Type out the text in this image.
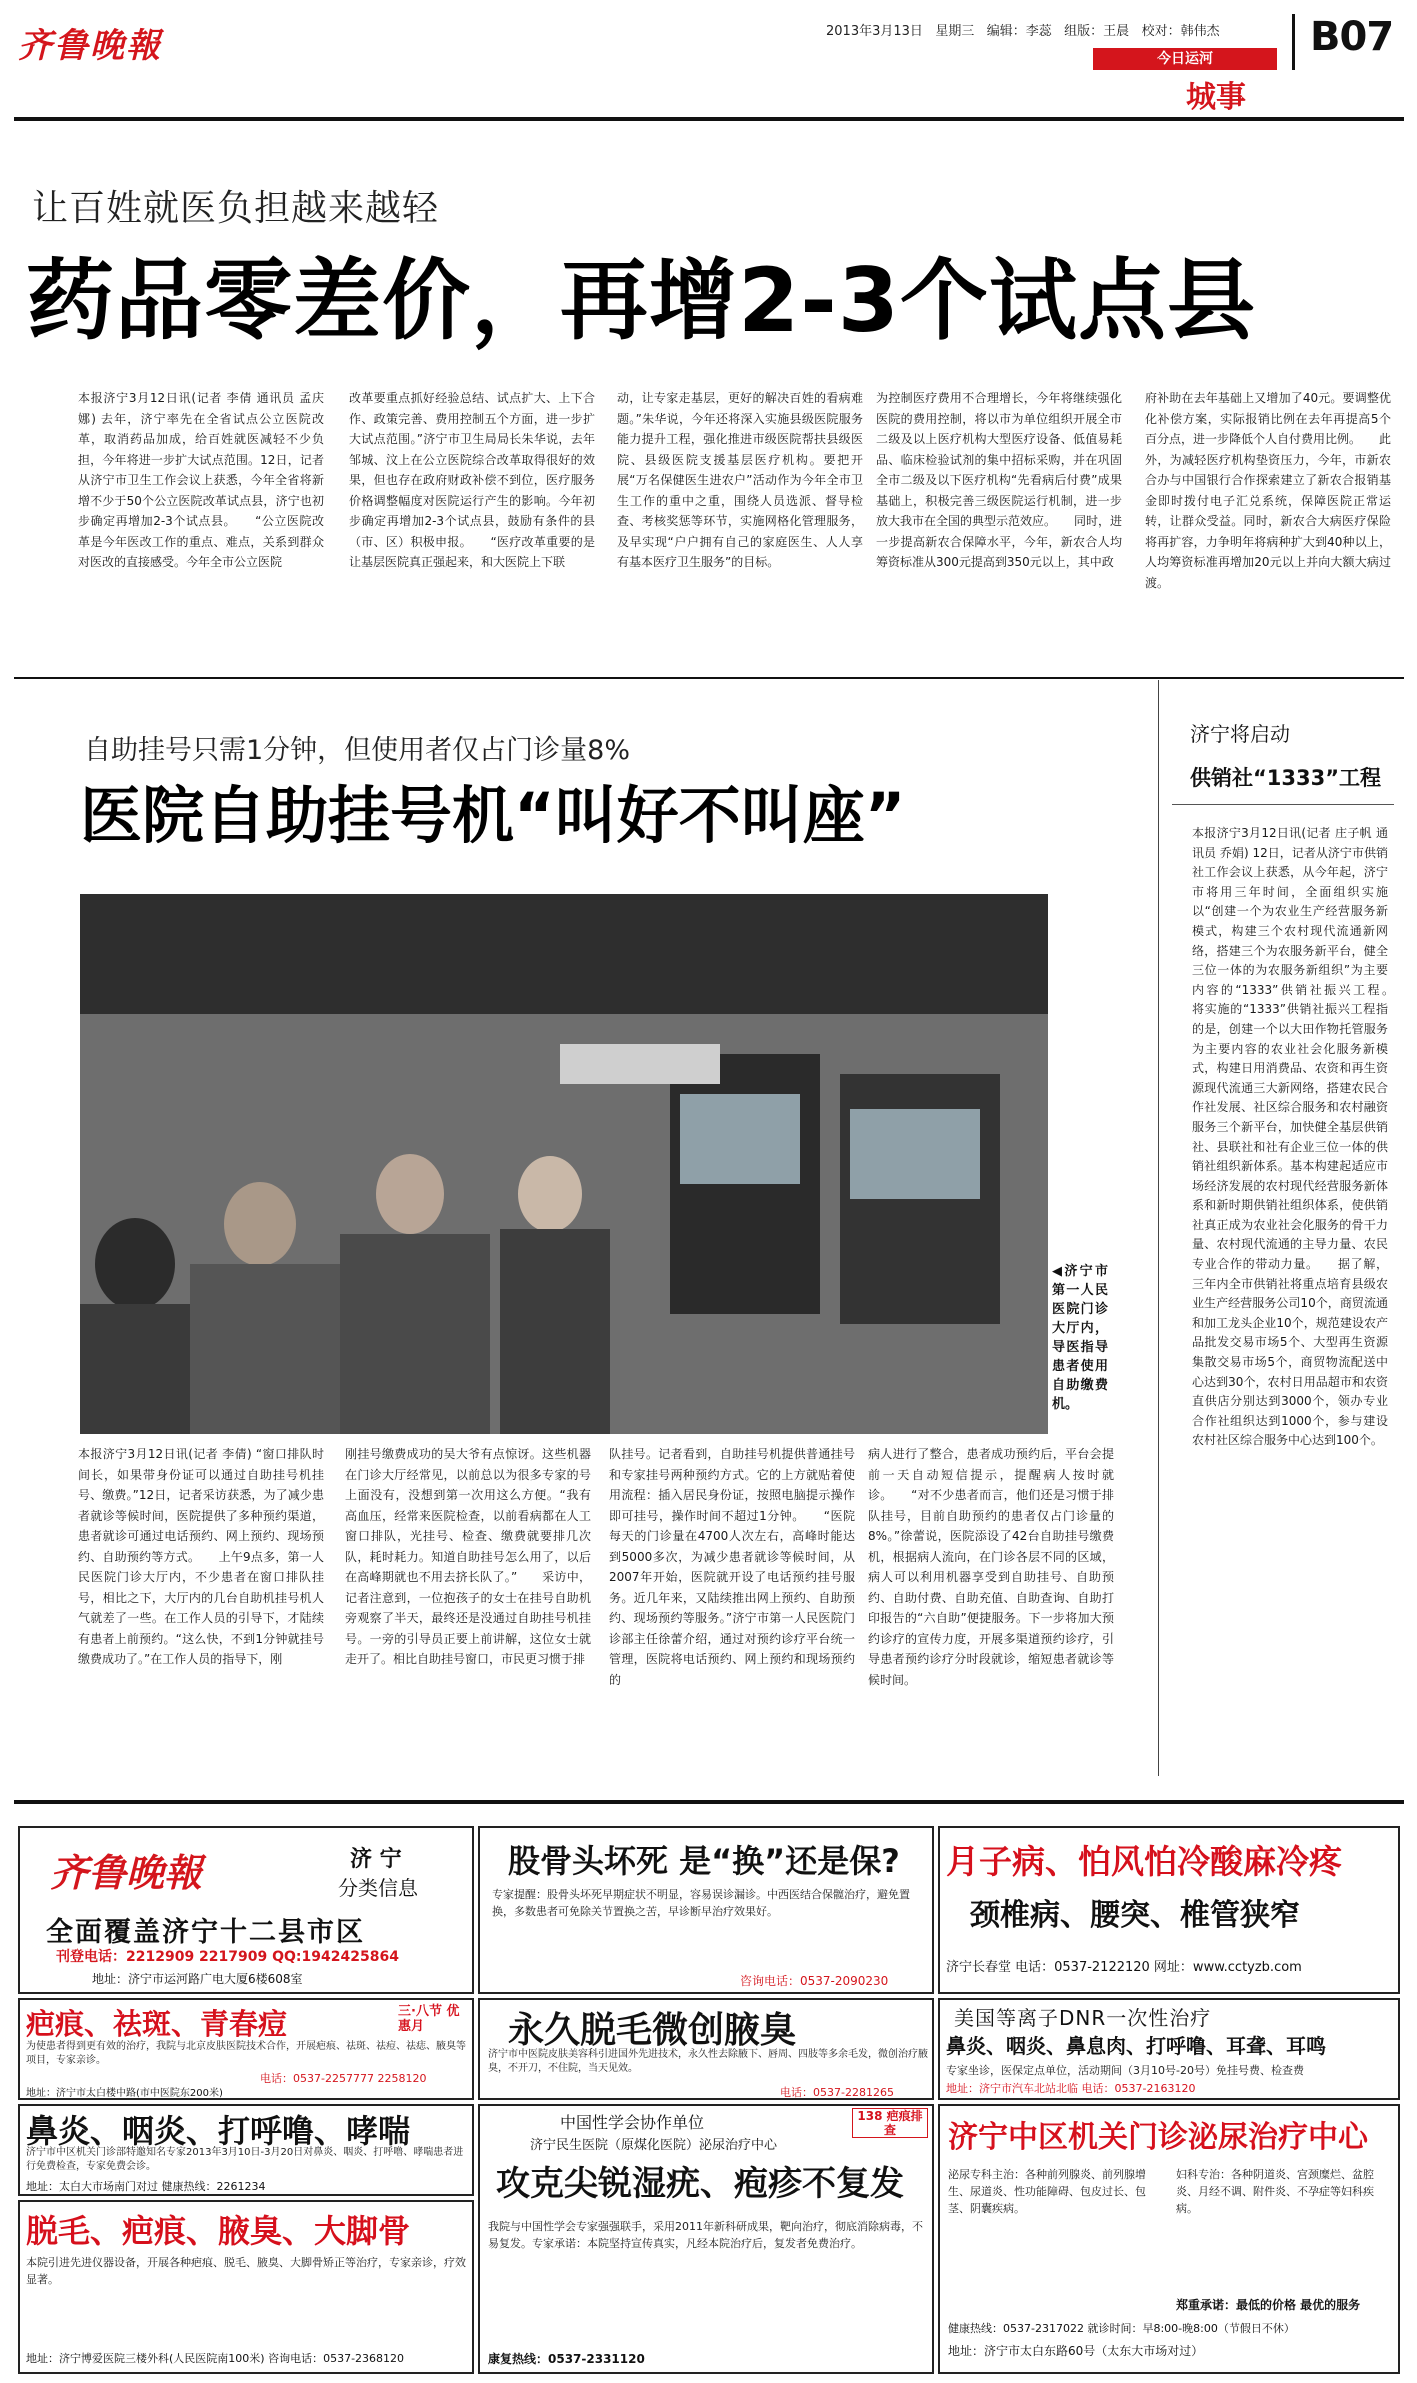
齐鲁晚報	2013年3月13日 星期三 编辑：李蕊 组版：王晨 校对：韩伟杰
今日运河
城事
B07
让百姓就医负担越来越轻
药品零差价，再增2-3个试点县
本报济宁3月12日讯(记者 李倩 通讯员 孟庆娜) 去年，济宁率先在全省试点公立医院改革，取消药品加成，给百姓就医减轻不少负担，今年将进一步扩大试点范围。12日，记者从济宁市卫生工作会议上获悉，今年全省将新增不少于50个公立医院改革试点县，济宁也初步确定再增加2-3个试点县。　　“公立医院改革是今年医改工作的重点、难点，关系到群众对医改的直接感受。今年全市公立医院
改革要重点抓好经验总结、试点扩大、上下合作、政策完善、费用控制五个方面，进一步扩大试点范围。”济宁市卫生局局长朱华说，去年邹城、汶上在公立医院综合改革取得很好的效果，但也存在政府财政补偿不到位，医疗服务价格调整幅度对医院运行产生的影响。今年初步确定再增加2-3个试点县，鼓励有条件的县（市、区）积极申报。　　“医疗改革重要的是让基层医院真正强起来，和大医院上下联
动，让专家走基层，更好的解决百姓的看病难题。”朱华说，今年还将深入实施县级医院服务能力提升工程，强化推进市级医院帮扶县级医院、县级医院支援基层医疗机构。要把开展“万名保健医生进农户”活动作为今年全市卫生工作的重中之重，围绕人员选派、督导检查、考核奖惩等环节，实施网格化管理服务，及早实现“户户拥有自己的家庭医生、人人享有基本医疗卫生服务”的目标。
为控制医疗费用不合理增长，今年将继续强化医院的费用控制，将以市为单位组织开展全市二级及以上医疗机构大型医疗设备、低值易耗品、临床检验试剂的集中招标采购，并在巩固全市二级及以下医疗机构“先看病后付费”成果基础上，积极完善三级医院运行机制，进一步放大我市在全国的典型示范效应。　　同时，进一步提高新农合保障水平，今年，新农合人均筹资标准从300元提高到350元以上，其中政
府补助在去年基础上又增加了40元。要调整优化补偿方案，实际报销比例在去年再提高5个百分点，进一步降低个人自付费用比例。　　此外，为减轻医疗机构垫资压力，今年，市新农合办与中国银行合作探索建立了新农合报销基金即时拨付电子汇兑系统，保障医院正常运转，让群众受益。同时，新农合大病医疗保险将再扩容，力争明年将病种扩大到40种以上，人均筹资标准再增加20元以上并向大额大病过渡。
自助挂号只需1分钟，但使用者仅占门诊量8%
医院自助挂号机“叫好不叫座”
◀济宁市第一人民医院门诊大厅内，导医指导患者使用自助缴费机。
本报济宁3月12日讯(记者 李倩) “窗口排队时间长，如果带身份证可以通过自助挂号机挂号、缴费。”12日，记者采访获悉，为了减少患者就诊等候时间，医院提供了多种预约渠道，患者就诊可通过电话预约、网上预约、现场预约、自助预约等方式。　　上午9点多，第一人民医院门诊大厅内，不少患者在窗口排队挂号，相比之下，大厅内的几台自助机挂号机人气就差了一些。在工作人员的引导下，才陆续有患者上前预约。“这么快，不到1分钟就挂号缴费成功了。”在工作人员的指导下，刚
刚挂号缴费成功的吴大爷有点惊讶。这些机器在门诊大厅经常见，以前总以为很多专家的号上面没有，没想到第一次用这么方便。“我有高血压，经常来医院检查，以前看病都在人工窗口排队，光挂号、检查、缴费就要排几次队，耗时耗力。知道自助挂号怎么用了，以后在高峰期就也不用去挤长队了。”　　采访中，记者注意到，一位抱孩子的女士在挂号自助机旁观察了半天，最终还是没通过自助挂号机挂号。一旁的引导员正要上前讲解，这位女士就走开了。相比自助挂号窗口，市民更习惯于排
队挂号。记者看到，自助挂号机提供普通挂号和专家挂号两种预约方式。它的上方就贴着使用流程：插入居民身份证，按照电脑提示操作即可挂号，操作时间不超过1分钟。　　“医院每天的门诊量在4700人次左右，高峰时能达到5000多次，为减少患者就诊等候时间，从2007年开始，医院就开设了电话预约挂号服务。近几年来，又陆续推出网上预约、自助预约、现场预约等服务。”济宁市第一人民医院门诊部主任徐蕾介绍，通过对预约诊疗平台统一管理，医院将电话预约、网上预约和现场预约的
病人进行了整合，患者成功预约后，平台会提前一天自动短信提示，提醒病人按时就诊。　　“对不少患者而言，他们还是习惯于排队挂号，目前自助预约的患者仅占门诊量的8%。”徐蕾说，医院添设了42台自助挂号缴费机，根据病人流向，在门诊各层不同的区域，病人可以利用机器享受到自助挂号、自助预约、自助付费、自助充值、自助查询、自助打印报告的“六自助”便捷服务。下一步将加大预约诊疗的宣传力度，开展多渠道预约诊疗，引导患者预约诊疗分时段就诊，缩短患者就诊等候时间。
济宁将启动
供销社“1333”工程
本报济宁3月12日讯(记者 庄子帆 通讯员 乔娟) 12日，记者从济宁市供销社工作会议上获悉，从今年起，济宁市将用三年时间，全面组织实施以“创建一个为农业生产经营服务新模式，构建三个农村现代流通新网络，搭建三个为农服务新平台，健全三位一体的为农服务新组织”为主要内容的“1333”供销社振兴工程。　　将实施的“1333”供销社振兴工程指的是，创建一个以大田作物托管服务为主要内容的农业社会化服务新模式，构建日用消费品、农资和再生资源现代流通三大新网络，搭建农民合作社发展、社区综合服务和农村融资服务三个新平台，加快健全基层供销社、县联社和社有企业三位一体的供销社组织新体系。基本构建起适应市场经济发展的农村现代经营服务新体系和新时期供销社组织体系，使供销社真正成为农业社会化服务的骨干力量、农村现代流通的主导力量、农民专业合作的带动力量。　　据了解，三年内全市供销社将重点培育县级农业生产经营服务公司10个，商贸流通和加工龙头企业10个，规范建设农产品批发交易市场5个、大型再生资源集散交易市场5个，商贸物流配送中心达到30个，农村日用品超市和农资直供店分别达到3000个，领办专业合作社组织达到1000个，参与建设农村社区综合服务中心达到100个。
齐鲁晚報	济 宁
分类信息
全面覆盖济宁十二县市区
刊登电话：2212909 2217909 QQ:1942425864
地址：济宁市运河路广电大厦6楼608室
股骨头坏死 是“换”还是保?
专家提醒：股骨头坏死早期症状不明显，容易误诊漏诊。中西医结合保髋治疗，避免置换，多数患者可免除关节置换之苦，早诊断早治疗效果好。
咨询电话：0537-2090230
月子病、怕风怕冷酸麻冷疼
颈椎病、腰突、椎管狭窄
济宁长春堂 电话：0537-2122120 网址：www.cctyzb.com
疤痕、祛斑、青春痘	三·八节 优惠月
为使患者得到更有效的治疗，我院与北京皮肤医院技术合作，开展疤痕、祛斑、祛痘、祛痣、腋臭等项目，专家亲诊。
电话：0537-2257777 2258120
地址：济宁市太白楼中路(市中医院东200米)
永久脱毛微创腋臭
济宁市中医院皮肤美容科引进国外先进技术，永久性去除腋下、唇周、四肢等多余毛发，微创治疗腋臭，不开刀，不住院，当天见效。
电话：0537-2281265
美国等离子DNR一次性治疗
鼻炎、咽炎、鼻息肉、打呼噜、耳聋、耳鸣
专家坐诊，医保定点单位，活动期间（3月10号-20号）免挂号费、检查费
地址：济宁市汽车北站北临 电话：0537-2163120
鼻炎、咽炎、打呼噜、哮喘
济宁市中区机关门诊部特邀知名专家2013年3月10日-3月20日对鼻炎、咽炎、打呼噜、哮喘患者进行免费检查，专家免费会诊。
地址：太白大市场南门对过 健康热线：2261234
中国性学会协作单位	138 疤痕排查
济宁民生医院（原煤化医院）泌尿治疗中心
攻克尖锐湿疣、疱疹不复发
我院与中国性学会专家强强联手，采用2011年新科研成果，靶向治疗，彻底消除病毒，不易复发。专家承诺：本院坚持宣传真实，凡经本院治疗后，复发者免费治疗。
康复热线：0537-2331120
脱毛、疤痕、腋臭、大脚骨
本院引进先进仪器设备，开展各种疤痕、脱毛、腋臭、大脚骨矫正等治疗，专家亲诊，疗效显著。
地址：济宁博爱医院三楼外科(人民医院南100米) 咨询电话：0537-2368120
济宁中区机关门诊泌尿治疗中心
泌尿专科主治：各种前列腺炎、前列腺增生、尿道炎、性功能障碍、包皮过长、包茎、阴囊疾病。
妇科专治：各种阴道炎、宫颈糜烂、盆腔炎、月经不调、附件炎、不孕症等妇科疾病。
郑重承诺：最低的价格 最优的服务
健康热线：0537-2317022 就诊时间：早8:00-晚8:00（节假日不休）
地址：济宁市太白东路60号（太东大市场对过）
